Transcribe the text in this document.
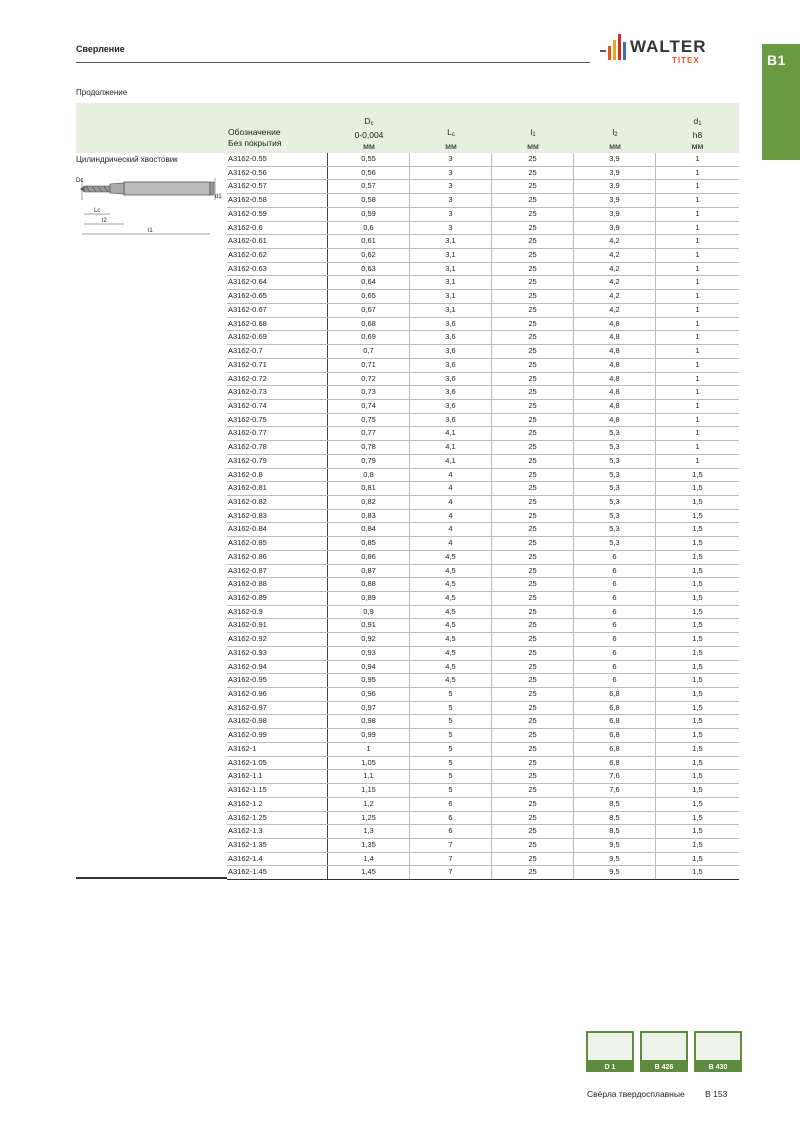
Сверление	WALTER
TITEX	B1
Продолжение
Обозначение
Без покрытия
$D_c$
0-0,004
мм
$L_c$
мм
$l_1$
мм
$l_2$
мм
$d_1$
h8
мм
Цилиндрический хвостовик
Dc
d1
Lc
l2
l1
A3162-0.55	0,55	3	25	3,9	1
A3162-0.56	0,56	3	25	3,9	1
A3162-0.57	0,57	3	25	3,9	1
A3162-0.58	0,58	3	25	3,9	1
A3162-0.59	0,59	3	25	3,9	1
A3162-0.6	0,6	3	25	3,9	1
A3162-0.61	0,61	3,1	25	4,2	1
A3162-0.62	0,62	3,1	25	4,2	1
A3162-0.63	0,63	3,1	25	4,2	1
A3162-0.64	0,64	3,1	25	4,2	1
A3162-0.65	0,65	3,1	25	4,2	1
A3162-0.67	0,67	3,1	25	4,2	1
A3162-0.68	0,68	3,6	25	4,8	1
A3162-0.69	0,69	3,6	25	4,8	1
A3162-0.7	0,7	3,6	25	4,8	1
A3162-0.71	0,71	3,6	25	4,8	1
A3162-0.72	0,72	3,6	25	4,8	1
A3162-0.73	0,73	3,6	25	4,8	1
A3162-0.74	0,74	3,6	25	4,8	1
A3162-0.75	0,75	3,6	25	4,8	1
A3162-0.77	0,77	4,1	25	5,3	1
A3162-0.78	0,78	4,1	25	5,3	1
A3162-0.79	0,79	4,1	25	5,3	1
A3162-0.8	0,8	4	25	5,3	1,5
A3162-0.81	0,81	4	25	5,3	1,5
A3162-0.82	0,82	4	25	5,3	1,5
A3162-0.83	0,83	4	25	5,3	1,5
A3162-0.84	0,84	4	25	5,3	1,5
A3162-0.85	0,85	4	25	5,3	1,5
A3162-0.86	0,86	4,5	25	6	1,5
A3162-0.87	0,87	4,5	25	6	1,5
A3162-0.88	0,88	4,5	25	6	1,5
A3162-0.89	0,89	4,5	25	6	1,5
A3162-0.9	0,9	4,5	25	6	1,5
A3162-0.91	0,91	4,5	25	6	1,5
A3162-0.92	0,92	4,5	25	6	1,5
A3162-0.93	0,93	4,5	25	6	1,5
A3162-0.94	0,94	4,5	25	6	1,5
A3162-0.95	0,95	4,5	25	6	1,5
A3162-0.96	0,96	5	25	6,8	1,5
A3162-0.97	0,97	5	25	6,8	1,5
A3162-0.98	0,98	5	25	6,8	1,5
A3162-0.99	0,99	5	25	6,8	1,5
A3162-1	1	5	25	6,8	1,5
A3162-1.05	1,05	5	25	6,8	1,5
A3162-1.1	1,1	5	25	7,6	1,5
A3162-1.15	1,15	5	25	7,6	1,5
A3162-1.2	1,2	6	25	8,5	1,5
A3162-1.25	1,25	6	25	8,5	1,5
A3162-1.3	1,3	6	25	8,5	1,5
A3162-1.35	1,35	7	25	9,5	1,5
A3162-1.4	1,4	7	25	9,5	1,5
A3162-1.45	1,45	7	25	9,5	1,5
D 1	B 426	B 430
Свёрла твердосплавные B 153
